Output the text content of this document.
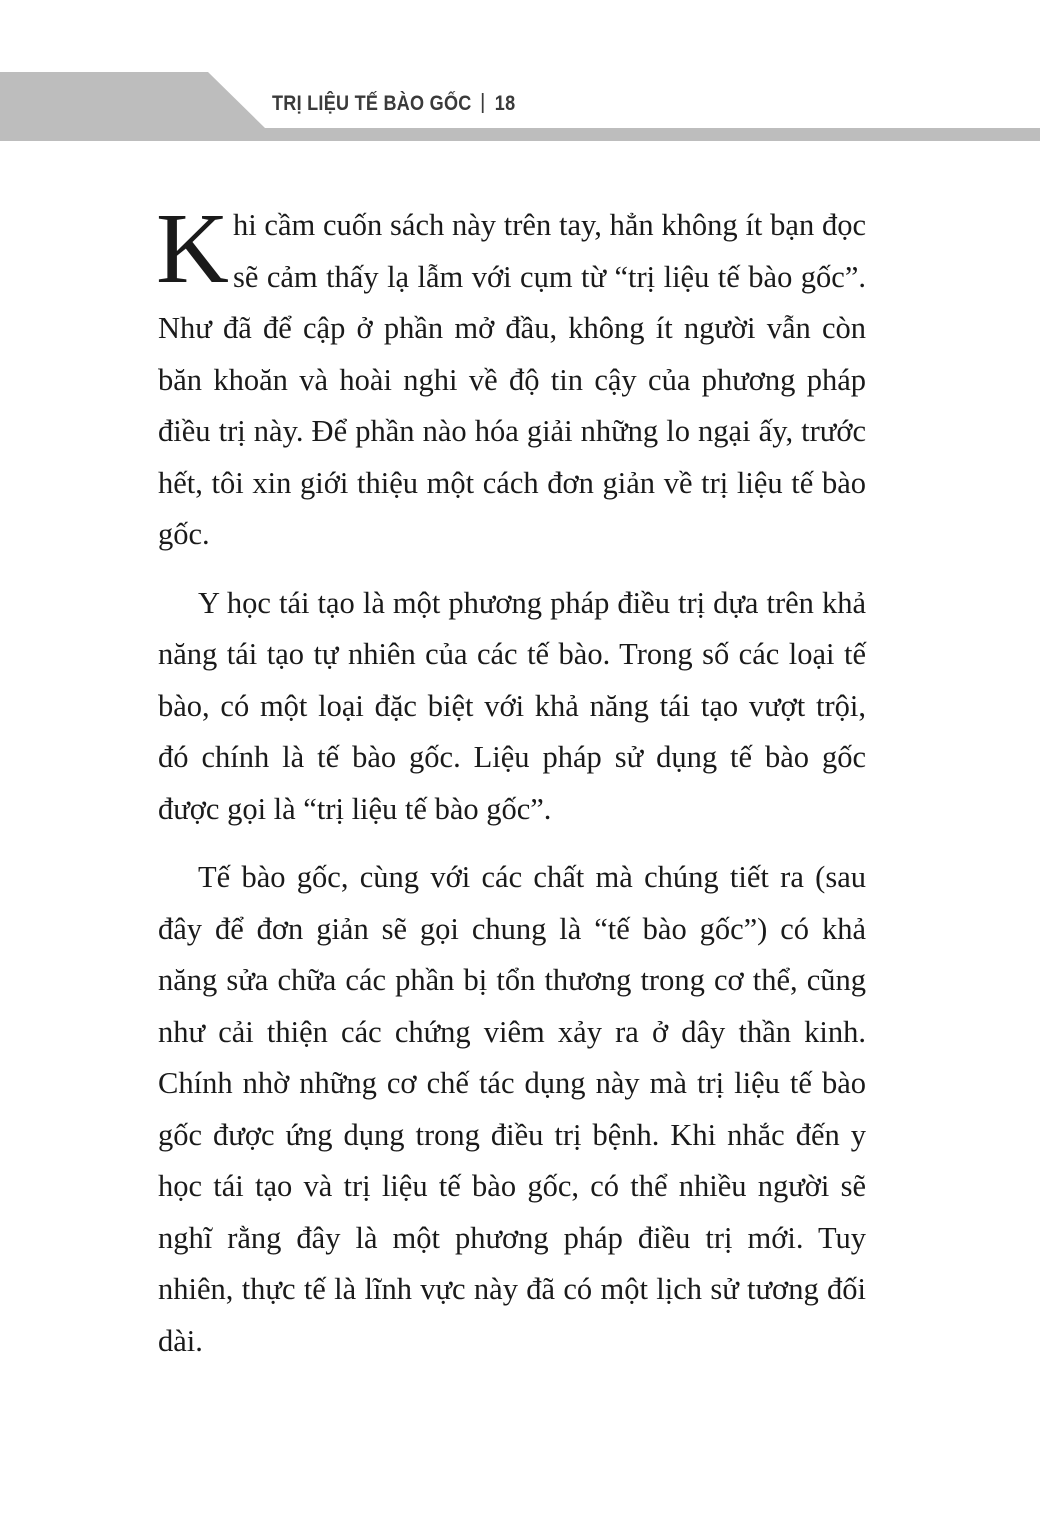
TRỊ LIỆU TẾ BÀO GỐC 18

Khi cầm cuốn sách này trên tay, hẳn không ít bạn đọc sẽ cảm thấy lạ lẫm với cụm từ “trị liệu tế bào gốc”. Như đã để cập ở phần mở đầu, không ít người vẫn còn băn khoăn và hoài nghi về độ tin cậy của phương pháp điều trị này. Để phần nào hóa giải những lo ngại ấy, trước hết, tôi xin giới thiệu một cách đơn giản về trị liệu tế bào gốc.

Y học tái tạo là một phương pháp điều trị dựa trên khả năng tái tạo tự nhiên của các tế bào. Trong số các loại tế bào, có một loại đặc biệt với khả năng tái tạo vượt trội, đó chính là tế bào gốc. Liệu pháp sử dụng tế bào gốc được gọi là “trị liệu tế bào gốc”.

Tế bào gốc, cùng với các chất mà chúng tiết ra (sau đây để đơn giản sẽ gọi chung là “tế bào gốc”) có khả năng sửa chữa các phần bị tổn thương trong cơ thể, cũng như cải thiện các chứng viêm xảy ra ở dây thần kinh. Chính nhờ những cơ chế tác dụng này mà trị liệu tế bào gốc được ứng dụng trong điều trị bệnh. Khi nhắc đến y học tái tạo và trị liệu tế bào gốc, có thể nhiều người sẽ nghĩ rằng đây là một phương pháp điều trị mới. Tuy nhiên, thực tế là lĩnh vực này đã có một lịch sử tương đối dài.
